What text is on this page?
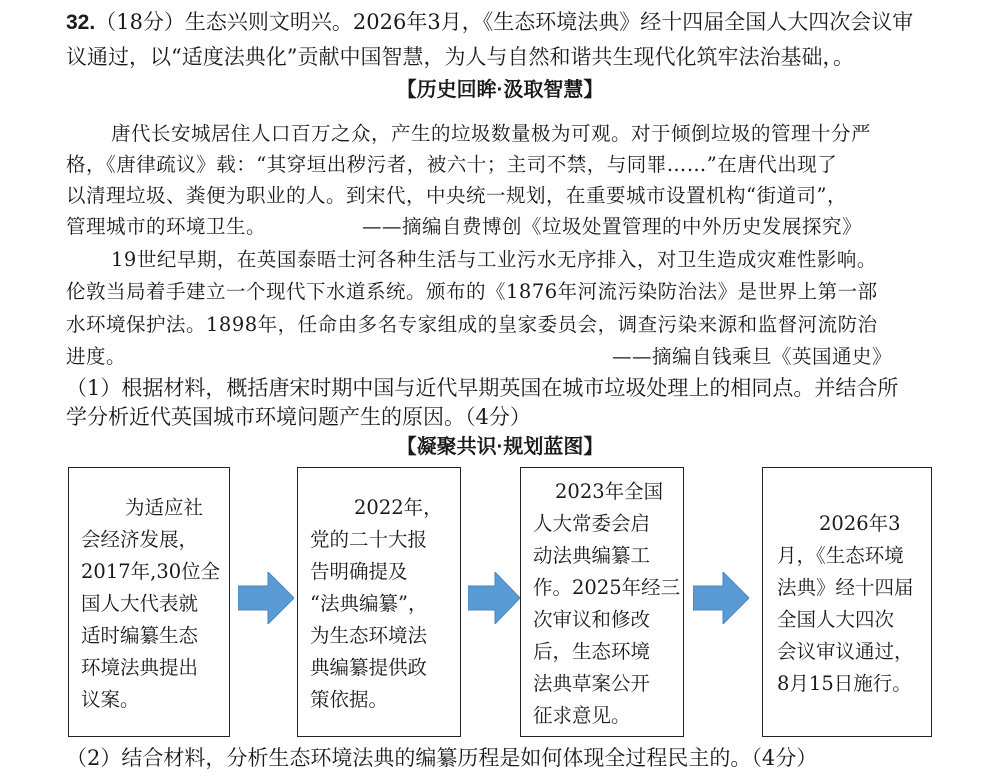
32.（18分）生态兴则文明兴。2026年3月，《生态环境法典》经十四届全国人大四次会议审
议通过，以“适度法典化”贡献中国智慧，为人与自然和谐共生现代化筑牢法治基础，。
【历史回眸·汲取智慧】
唐代长安城居住人口百万之众，产生的垃圾数量极为可观。对于倾倒垃圾的管理十分严
格，《唐律疏议》载：“其穿垣出秽污者，被六十；主司不禁，与同罪……”在唐代出现了
以清理垃圾、粪便为职业的人。到宋代，中央统一规划，在重要城市设置机构“街道司”，
管理城市的环境卫生。	——摘编自费博创《垃圾处置管理的中外历史发展探究》
19世纪早期，在英国泰晤士河各种生活与工业污水无序排入，对卫生造成灾难性影响。
伦敦当局着手建立一个现代下水道系统。颁布的《1876年河流污染防治法》是世界上第一部
水环境保护法。1898年，任命由多名专家组成的皇家委员会，调查污染来源和监督河流防治
进度。	——摘编自钱乘旦《英国通史》
（1）根据材料，概括唐宋时期中国与近代早期英国在城市垃圾处理上的相同点。并结合所
学分析近代英国城市环境问题产生的原因。（4分）
【凝聚共识·规划蓝图】
为适应社
会经济发展，
2017年,30位全
国人大代表就
适时编纂生态
环境法典提出
议案。
2022年，
党的二十大报
告明确提及
“法典编纂”，
为生态环境法
典编纂提供政
策依据。
2023年全国
人大常委会启
动法典编纂工
作。2025年经三
次审议和修改
后，生态环境
法典草案公开
征求意见。
2026年3
月，《生态环境
法典》经十四届
全国人大四次
会议审议通过，
8月15日施行。
（2）结合材料，分析生态环境法典的编纂历程是如何体现全过程民主的。（4分）
